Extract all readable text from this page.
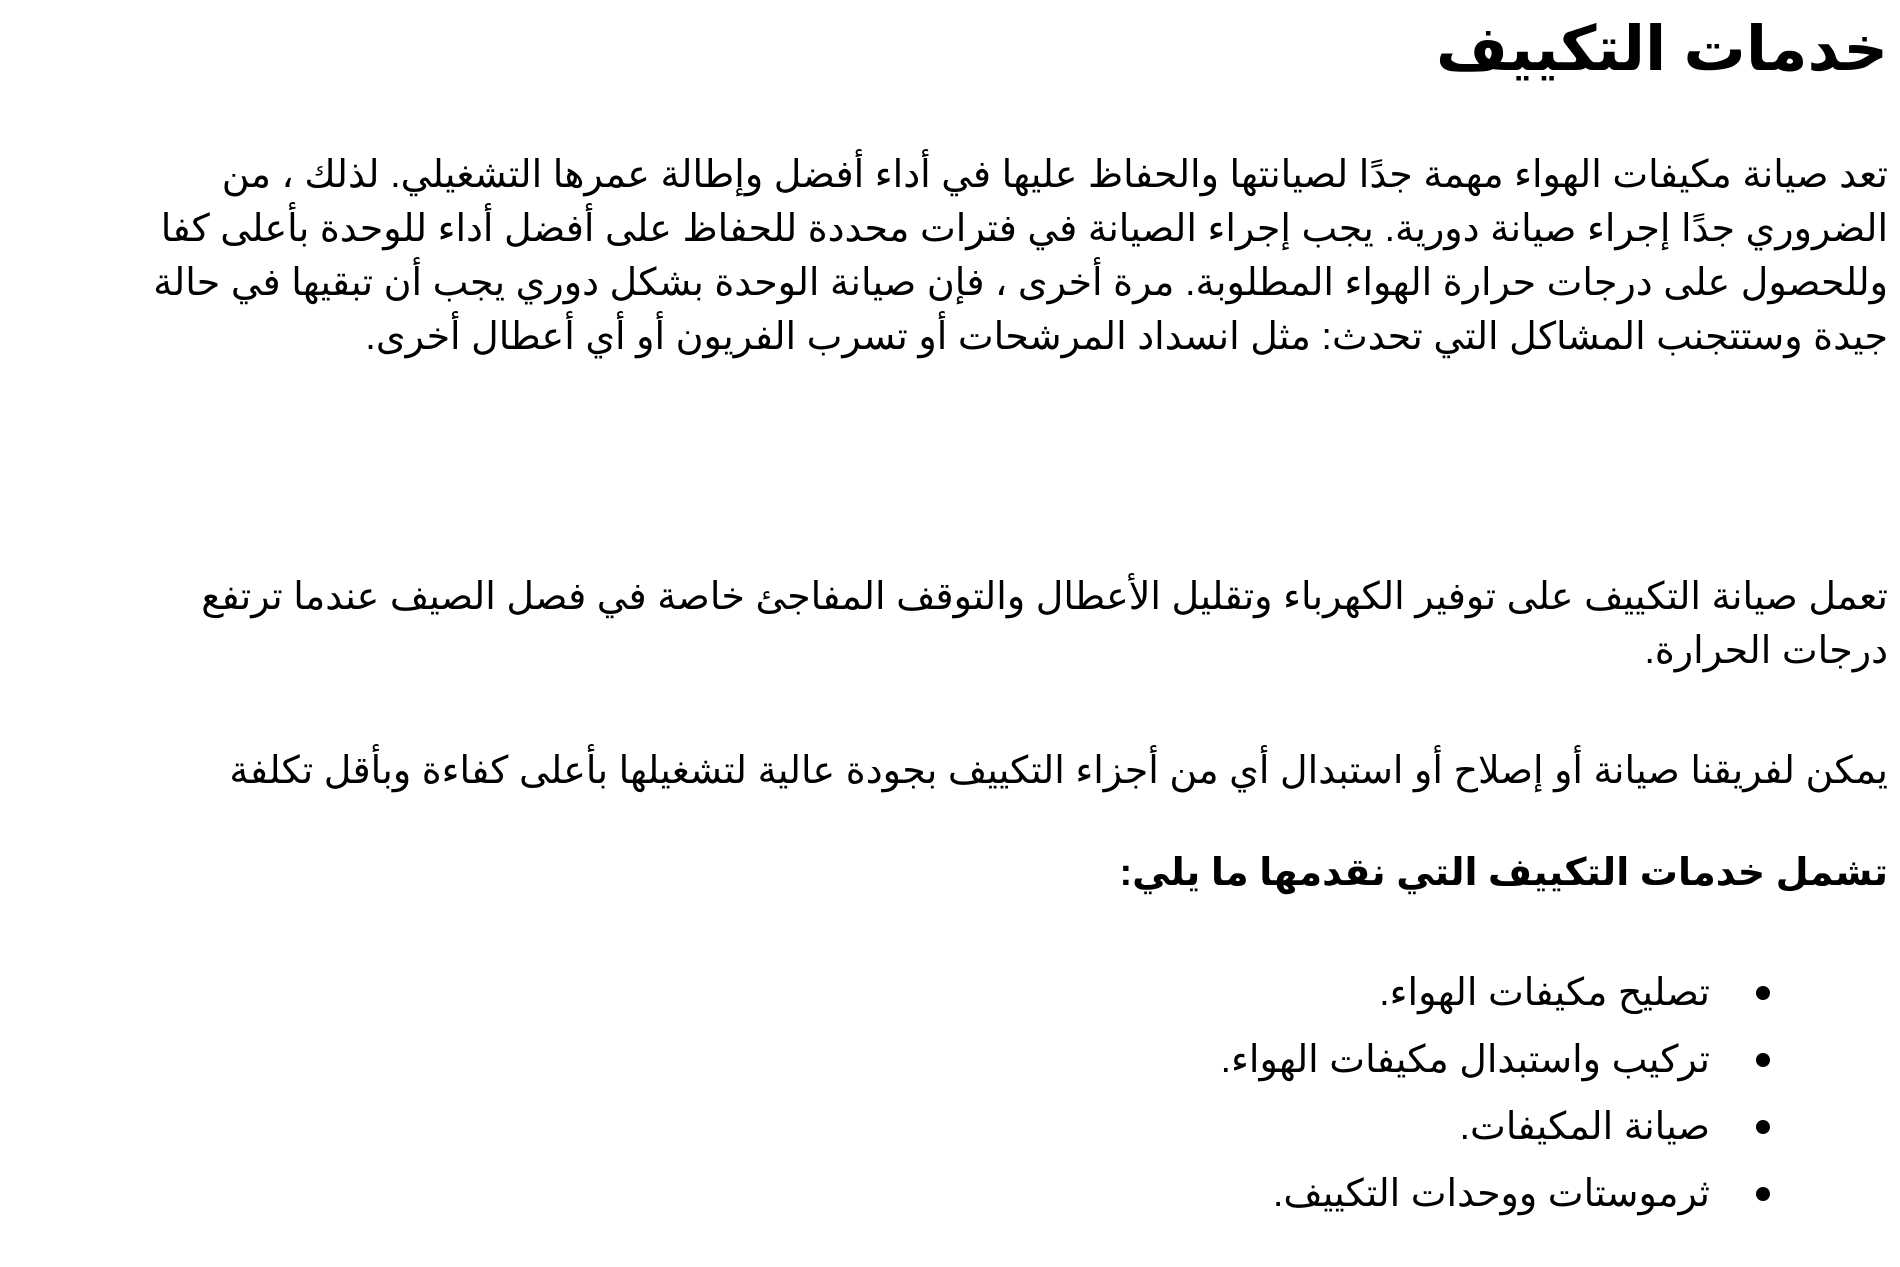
خدمات التكييف

تعد صيانة مكيفات الهواء مهمة جدًا لصيانتها والحفاظ عليها في أداء أفضل وإطالة عمرها التشغيلي. لذلك ، من
الضروري جدًا إجراء صيانة دورية. يجب إجراء الصيانة في فترات محددة للحفاظ على أفضل أداء للوحدة بأعلى كفا
وللحصول على درجات حرارة الهواء المطلوبة. مرة أخرى ، فإن صيانة الوحدة بشكل دوري يجب أن تبقيها في حالة
جيدة وستتجنب المشاكل التي تحدث: مثل انسداد المرشحات أو تسرب الفريون أو أي أعطال أخرى.

تعمل صيانة التكييف على توفير الكهرباء وتقليل الأعطال والتوقف المفاجئ خاصة في فصل الصيف عندما ترتفع
درجات الحرارة.

يمكن لفريقنا صيانة أو إصلاح أو استبدال أي من أجزاء التكييف بجودة عالية لتشغيلها بأعلى كفاءة وبأقل تكلفة

تشمل خدمات التكييف التي نقدمها ما يلي:

تصليح مكيفات الهواء.
تركيب واستبدال مكيفات الهواء.
صيانة المكيفات.
ثرموستات ووحدات التكييف.
